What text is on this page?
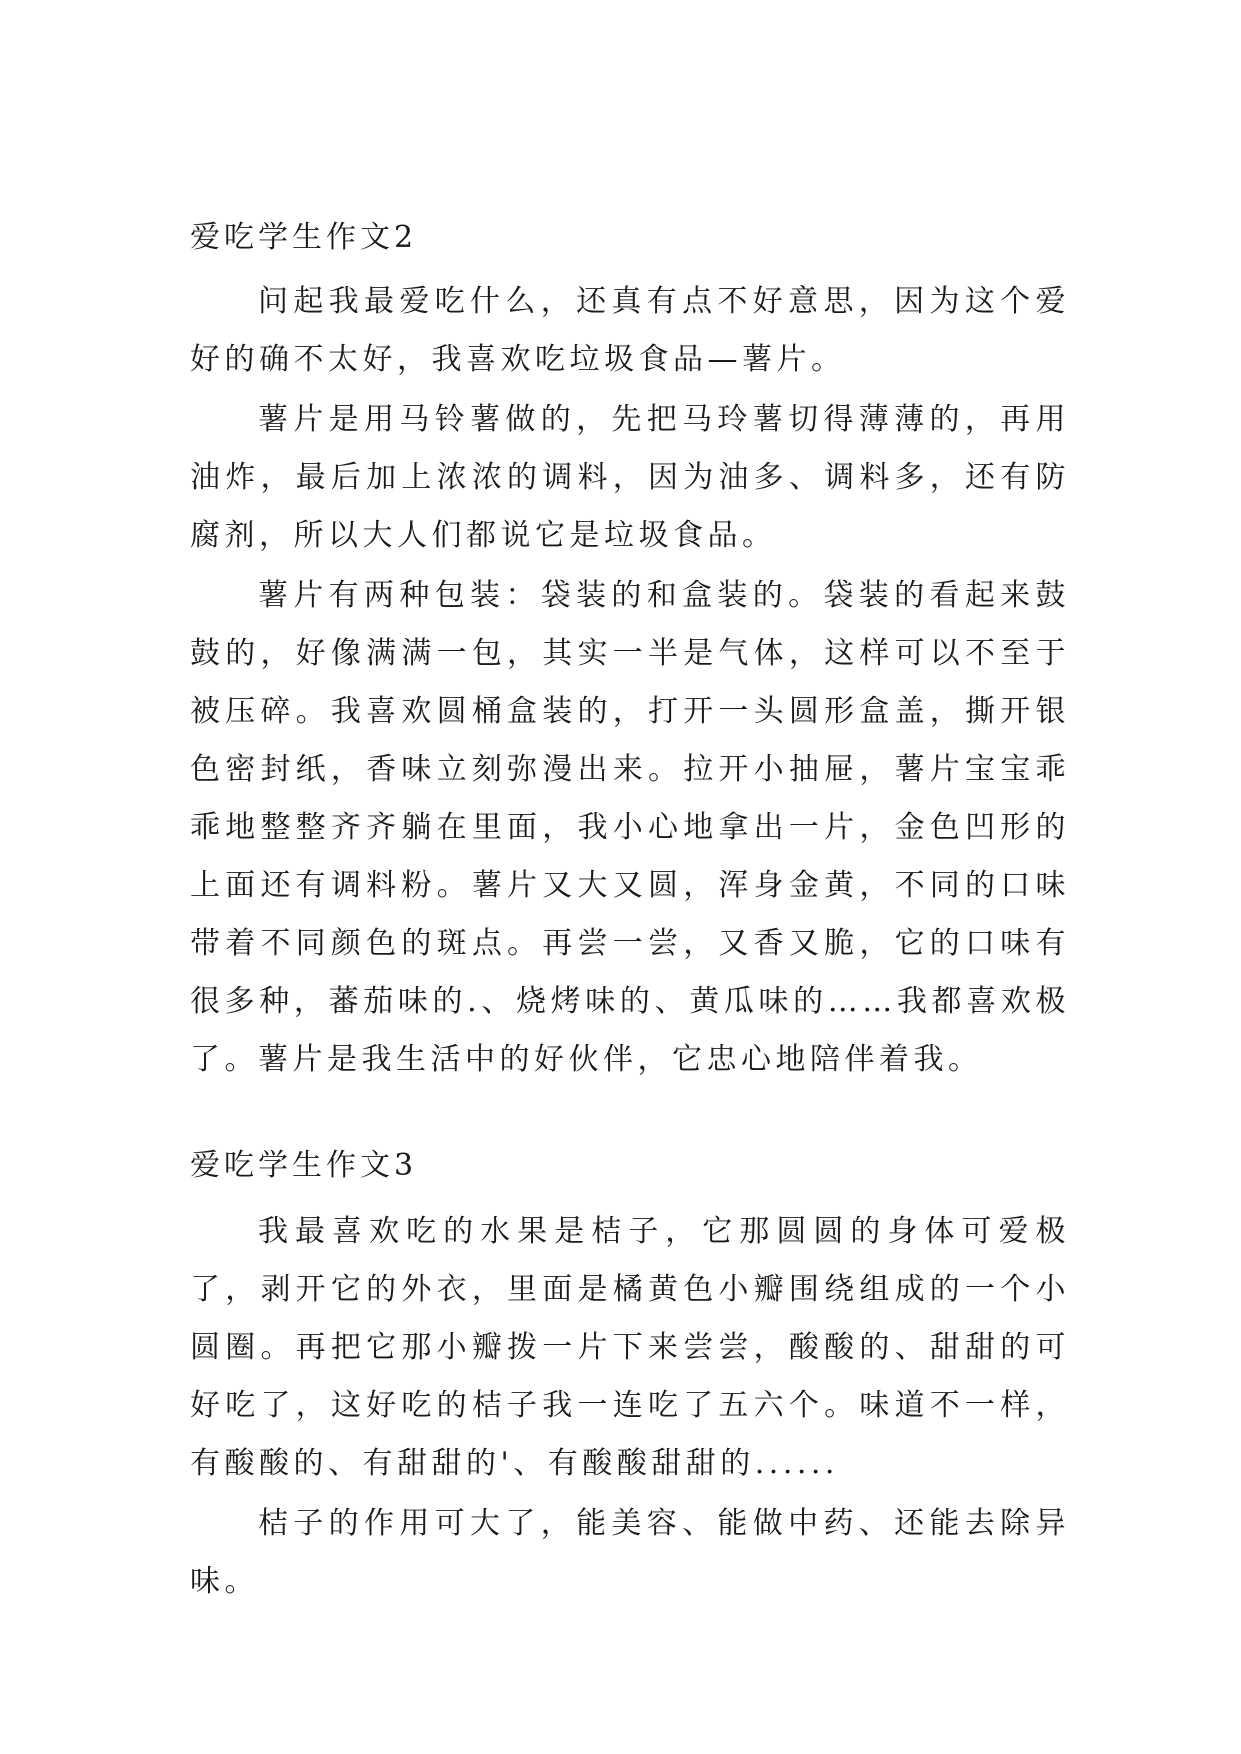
爱吃学生作文2

问起我最爱吃什么，还真有点不好意思，因为这个爱好的确不太好，我喜欢吃垃圾食品—薯片。

薯片是用马铃薯做的，先把马玲薯切得薄薄的，再用油炸，最后加上浓浓的调料，因为油多、调料多，还有防腐剂，所以大人们都说它是垃圾食品。

薯片有两种包装：袋装的和盒装的。袋装的看起来鼓鼓的，好像满满一包，其实一半是气体，这样可以不至于被压碎。我喜欢圆桶盒装的，打开一头圆形盒盖，撕开银色密封纸，香味立刻弥漫出来。拉开小抽屉，薯片宝宝乖乖地整整齐齐躺在里面，我小心地拿出一片，金色凹形的上面还有调料粉。薯片又大又圆，浑身金黄，不同的口味带着不同颜色的斑点。再尝一尝，又香又脆，它的口味有很多种，蕃茄味的.、烧烤味的、黄瓜味的……我都喜欢极了。 薯片是我生活中的好伙伴，它忠心地陪伴着我。

爱吃学生作文3

我最喜欢吃的水果是桔子，它那圆圆的身体可爱极了，剥开它的外衣，里面是橘黄色小瓣围绕组成的一个小圆圈。再把它那小瓣拨一片下来尝尝，酸酸的、甜甜的可好吃了，这好吃的桔子我一连吃了五六个。味道不一样，有酸酸的、有甜甜的'、有酸酸甜甜的......

桔子的作用可大了，能美容、能做中药、还能去除异味。
